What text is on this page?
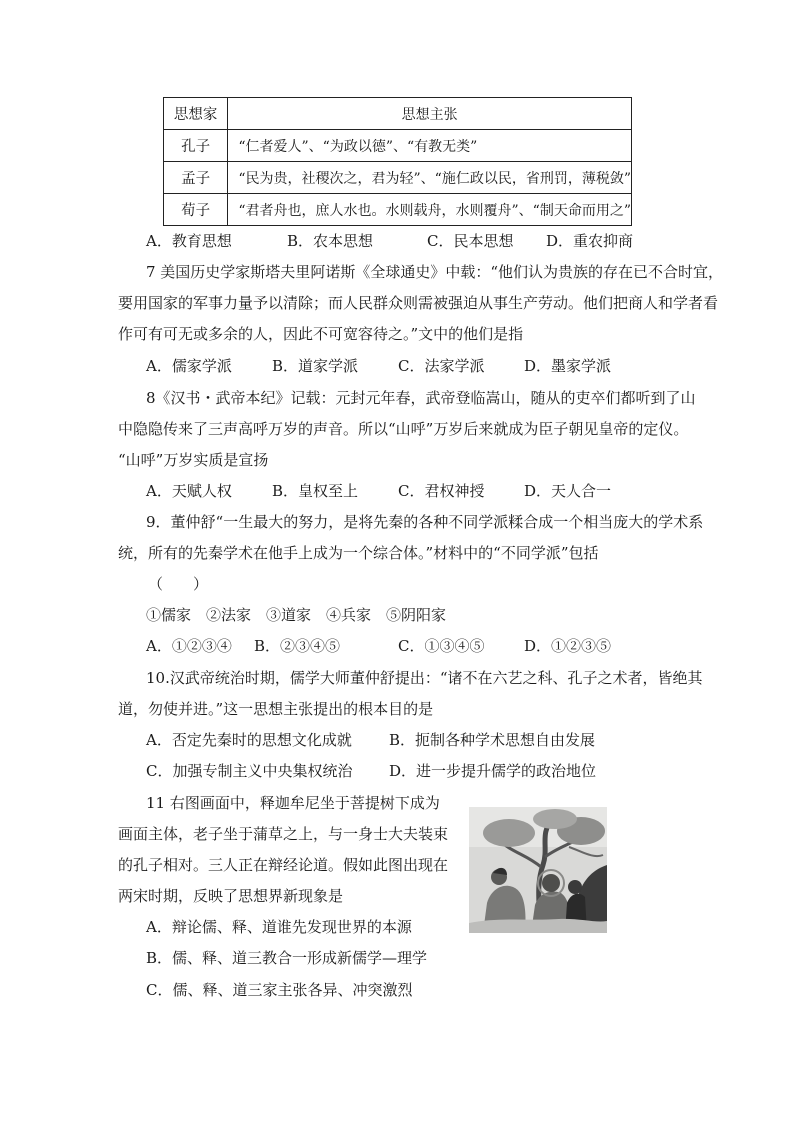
思想家	思想主张
孔子	“仁者爱人”、“为政以德”、“有教无类”
孟子	“民为贵，社稷次之，君为轻”、“施仁政以民，省刑罚，薄税敛”
荀子	“君者舟也，庶人水也。水则载舟，水则覆舟”、“制天命而用之”
A．教育思想	B．农本思想	C．民本思想 D．重农抑商
7 美国历史学家斯塔夫里阿诺斯《全球通史》中载：“他们认为贵族的存在已不合时宜，
要用国家的军事力量予以清除；而人民群众则需被强迫从事生产劳动。他们把商人和学者看
作可有可无或多余的人，因此不可宽容待之。”文中的他们是指
A．儒家学派	B．道家学派	C．法家学派	D．墨家学派
8《汉书・武帝本纪》记载：元封元年春，武帝登临嵩山，随从的吏卒们都听到了山
中隐隐传来了三声高呼万岁的声音。所以“山呼”万岁后来就成为臣子朝见皇帝的定仪。
“山呼”万岁实质是宣扬
A．天赋人权	B．皇权至上	C．君权神授	D．天人合一
9．董仲舒“一生最大的努力，是将先秦的各种不同学派糅合成一个相当庞大的学术系
统，所有的先秦学术在他手上成为一个综合体。”材料中的“不同学派”包括
（　　）
①儒家　②法家　③道家　④兵家　⑤阴阳家
A．①②③④ B．②③④⑤	C．①③④⑤	D．①②③⑤
10.汉武帝统治时期，儒学大师董仲舒提出：“诸不在六艺之科、孔子之术者，皆绝其
道，勿使并进。”这一思想主张提出的根本目的是
A．否定先秦时的思想文化成就 B．扼制各种学术思想自由发展
C．加强专制主义中央集权统治 D．进一步提升儒学的政治地位
11 右图画面中，释迦牟尼坐于菩提树下成为
画面主体，老子坐于蒲草之上，与一身士大夫装束
的孔子相对。三人正在辩经论道。假如此图出现在
两宋时期，反映了思想界新现象是
A．辩论儒、释、道谁先发现世界的本源
B．儒、释、道三教合一形成新儒学—理学
C．儒、释、道三家主张各异、冲突激烈
